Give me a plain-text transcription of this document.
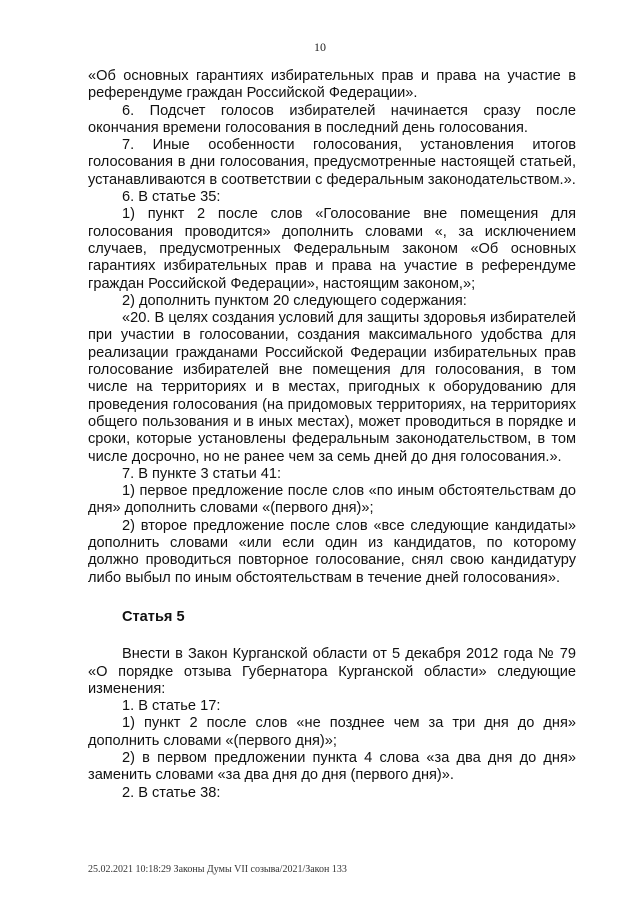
10

«Об основных гарантиях избирательных прав и права на участие в референдуме граждан Российской Федерации».

6. Подсчет голосов избирателей начинается сразу после окончания времени голосования в последний день голосования.

7. Иные особенности голосования, установления итогов голосования в дни голосования, предусмотренные настоящей статьей, устанавливаются в соответствии с федеральным законодательством.».

6. В статье 35:

1) пункт 2 после слов «Голосование вне помещения для голосования проводится» дополнить словами «, за исключением случаев, предусмотренных Федеральным законом «Об основных гарантиях избирательных прав и права на участие в референдуме граждан Российской Федерации», настоящим законом,»;

2) дополнить пунктом 20 следующего содержания:

«20. В целях создания условий для защиты здоровья избирателей при участии в голосовании, создания максимального удобства для реализации гражданами Российской Федерации избирательных прав голосование избирателей вне помещения для голосования, в том числе на территориях и в местах, пригодных к оборудованию для проведения голосования (на придомовых территориях, на территориях общего пользования и в иных местах), может проводиться в порядке и сроки, которые установлены федеральным законодательством, в том числе досрочно, но не ранее чем за семь дней до дня голосования.».

7. В пункте 3 статьи 41:

1) первое предложение после слов «по иным обстоятельствам до дня» дополнить словами «(первого дня)»;

2) второе предложение после слов «все следующие кандидаты» дополнить словами «или если один из кандидатов, по которому должно проводиться повторное голосование, снял свою кандидатуру либо выбыл по иным обстоятельствам в течение дней голосования».

Статья 5

Внести в Закон Курганской области от 5 декабря 2012 года № 79 «О порядке отзыва Губернатора Курганской области» следующие изменения:

1. В статье 17:

1) пункт 2 после слов «не позднее чем за три дня до дня» дополнить словами «(первого дня)»;

2) в первом предложении пункта 4 слова «за два дня до дня» заменить словами «за два дня до дня (первого дня)».

2. В статье 38:

25.02.2021 10:18:29 Законы Думы VII созыва/2021/Закон 133
